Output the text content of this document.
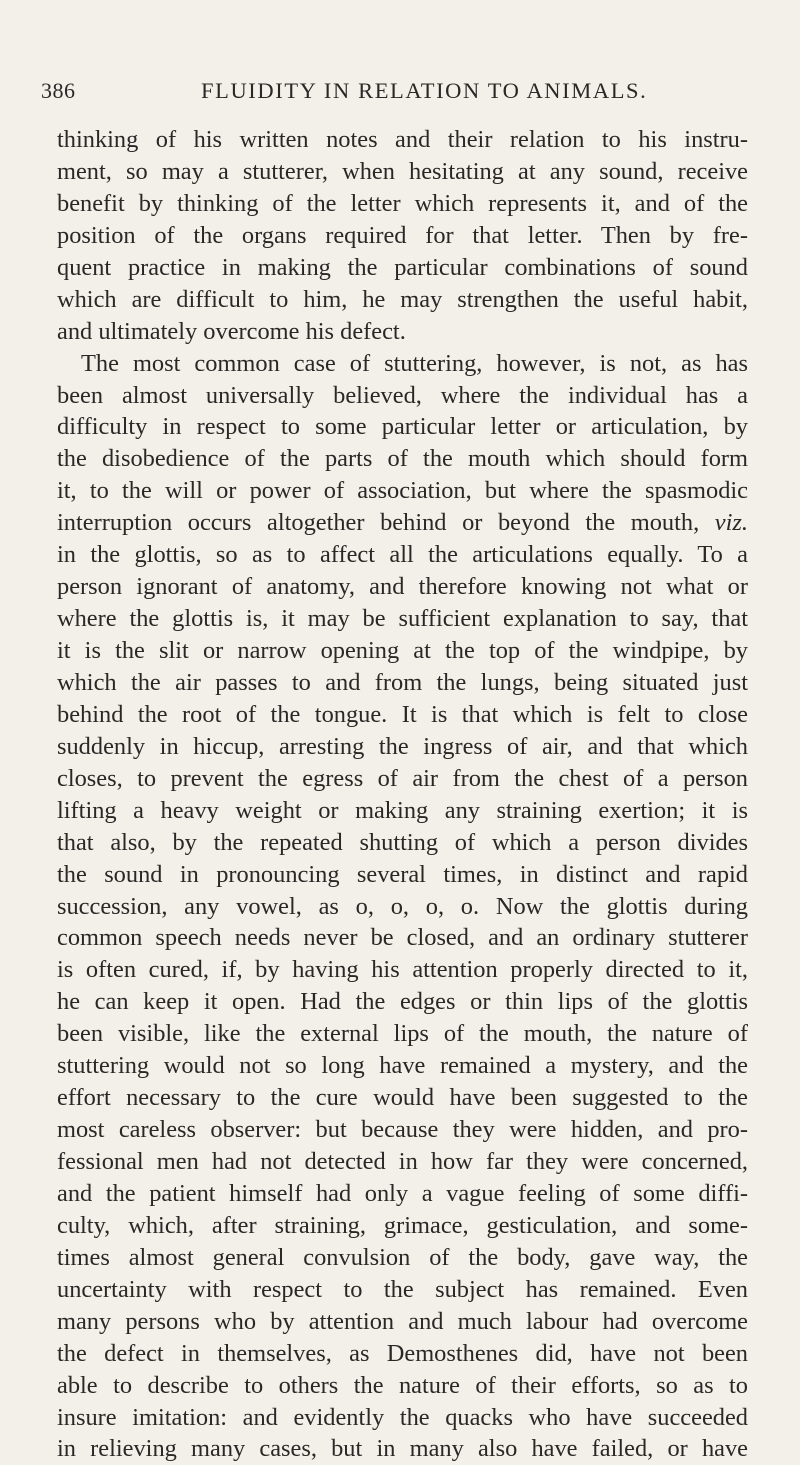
386	FLUIDITY IN RELATION TO ANIMALS.
thinking of his written notes and their relation to his instru-
ment, so may a stutterer, when hesitating at any sound, receive
benefit by thinking of the letter which represents it, and of the
position of the organs required for that letter. Then by fre-
quent practice in making the particular combinations of sound
which are difficult to him, he may strengthen the useful habit,
and ultimately overcome his defect.
The most common case of stuttering, however, is not, as has
been almost universally believed, where the individual has a
difficulty in respect to some particular letter or articulation, by
the disobedience of the parts of the mouth which should form
it, to the will or power of association, but where the spasmodic
interruption occurs altogether behind or beyond the mouth, viz.
in the glottis, so as to affect all the articulations equally. To a
person ignorant of anatomy, and therefore knowing not what or
where the glottis is, it may be sufficient explanation to say, that
it is the slit or narrow opening at the top of the windpipe, by
which the air passes to and from the lungs, being situated just
behind the root of the tongue. It is that which is felt to close
suddenly in hiccup, arresting the ingress of air, and that which
closes, to prevent the egress of air from the chest of a person
lifting a heavy weight or making any straining exertion; it is
that also, by the repeated shutting of which a person divides
the sound in pronouncing several times, in distinct and rapid
succession, any vowel, as o, o, o, o. Now the glottis during
common speech needs never be closed, and an ordinary stutterer
is often cured, if, by having his attention properly directed to it,
he can keep it open. Had the edges or thin lips of the glottis
been visible, like the external lips of the mouth, the nature of
stuttering would not so long have remained a mystery, and the
effort necessary to the cure would have been suggested to the
most careless observer: but because they were hidden, and pro-
fessional men had not detected in how far they were concerned,
and the patient himself had only a vague feeling of some diffi-
culty, which, after straining, grimace, gesticulation, and some-
times almost general convulsion of the body, gave way, the
uncertainty with respect to the subject has remained. Even
many persons who by attention and much labour had overcome
the defect in themselves, as Demosthenes did, have not been
able to describe to others the nature of their efforts, so as to
insure imitation: and evidently the quacks who have succeeded
in relieving many cases, but in many also have failed, or have
